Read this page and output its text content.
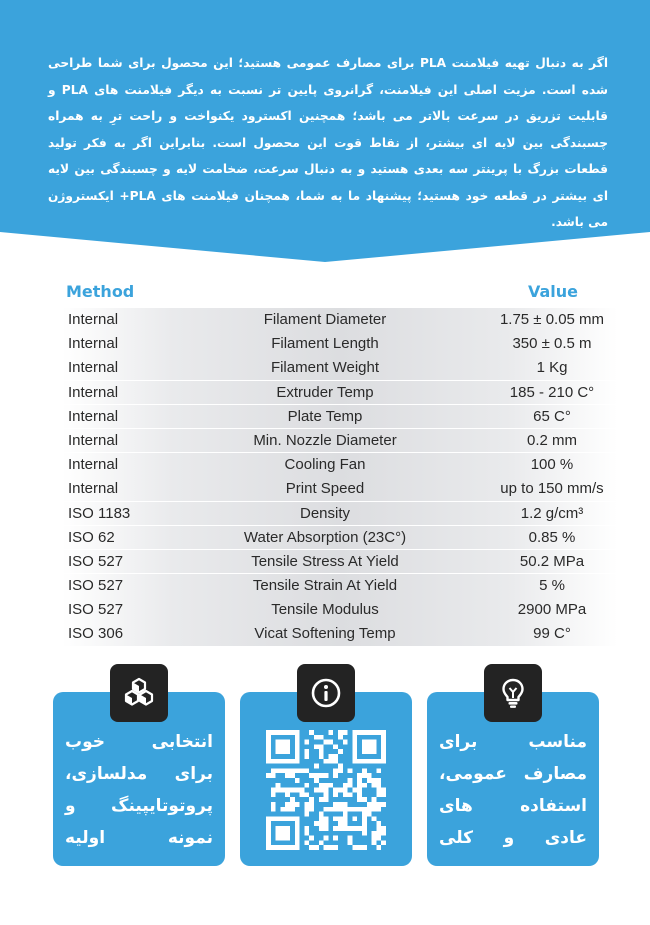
اگر به دنبال تهیه فیلامنت PLA برای مصارف عمومی هستید؛ این محصول برای شما طراحی شده است. مزیت اصلی این فیلامنت، گرانروی پایین تر نسبت به دیگر فیلامنت های PLA و قابلیت تزریق در سرعت بالاتر می باشد؛ همچنین اکسترود یکنواخت و راحت ترِ به همراه چسبندگی بین لایه ای بیشتر، از نقاط قوت این محصول است. بنابراین اگر به فکر تولید قطعات بزرگ با پرینتر سه بعدی هستید و به دنبال سرعت، ضخامت لایه و چسبندگی بین لایه ای بیشتر در قطعه خود هستید؛ پیشنهاد ما به شما، همچنان فیلامنت های PLA+ ایکستروژن می باشد.
Method	Value
Internal	Filament Diameter	1.75 ± 0.05 mm
Internal	Filament Length	350 ± 0.5 m
Internal	Filament Weight	1 Kg
Internal	Extruder Temp	185 - 210 C°
Internal	Plate Temp	65 C°
Internal	Min. Nozzle Diameter	0.2 mm
Internal	Cooling Fan	100 %
Internal	Print Speed	up to 150 mm/s
ISO 1183	Density	1.2 g/cm³
ISO 62	Water Absorption (23C°)	0.85 %
ISO 527	Tensile Stress At Yield	50.2 MPa
ISO 527	Tensile Strain At Yield	5 %
ISO 527	Tensile Modulus	2900 MPa
ISO 306	Vicat Softening Temp	99 C°
انتخابی خوب برای مدلسازی، پروتوتایپینگ و نمونه اولیه
مناسب برای مصارف عمومی، استفاده های عادی و کلی
